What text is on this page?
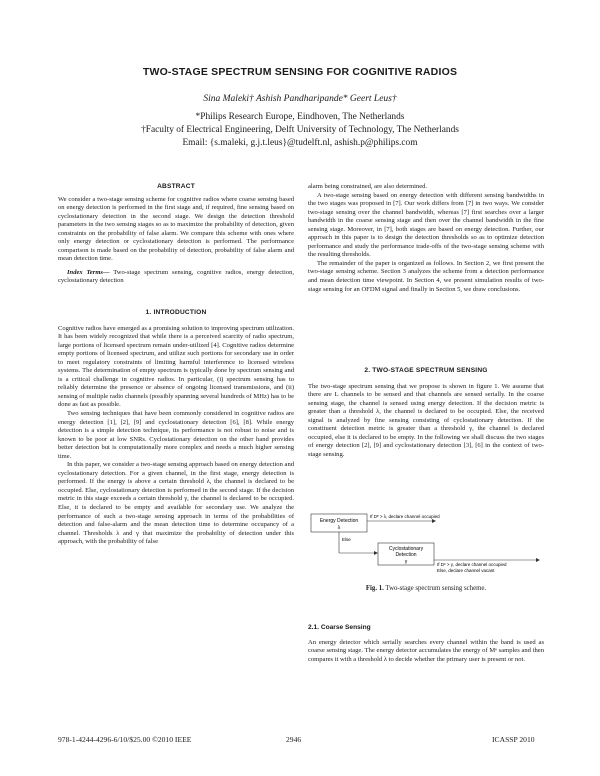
TWO-STAGE SPECTRUM SENSING FOR COGNITIVE RADIOS
Sina Maleki† Ashish Pandharipande* Geert Leus†
*Philips Research Europe, Eindhoven, The Netherlands
†Faculty of Electrical Engineering, Delft University of Technology, The Netherlands
Email: {s.maleki, g.j.t.leus}@tudelft.nl, ashish.p@philips.com
ABSTRACT

We consider a two-stage sensing scheme for cognitive radios where coarse sensing based on energy detection is performed in the first stage and, if required, fine sensing based on cyclostationary detection in the second stage. We design the detection threshold parameters in the two sensing stages so as to maximize the probability of detection, given constraints on the probability of false alarm. We compare this scheme with ones where only energy detection or cyclostationary detection is performed. The performance comparison is made based on the probability of detection, probability of false alarm and mean detection time.

Index Terms— Two-stage spectrum sensing, cognitive radios, energy detection, cyclostationary detection

1. INTRODUCTION

Cognitive radios have emerged as a promising solution to improving spectrum utilization. It has been widely recognized that while there is a perceived scarcity of radio spectrum, large portions of licensed spectrum remain under-utilized [4]. Cognitive radios determine empty portions of licensed spectrum, and utilize such portions for secondary use in order to meet regulatory constraints of limiting harmful interference to licensed wireless systems. The determination of empty spectrum is typically done by spectrum sensing and is a critical challenge in cognitive radios. In particular, (i) spectrum sensing has to reliably determine the presence or absence of ongoing licensed transmissions, and (ii) sensing of multiple radio channels (possibly spanning several hundreds of MHz) has to be done as fast as possible.

Two sensing techniques that have been commonly considered in cognitive radios are energy detection [1], [2], [9] and cyclostationary detection [6], [8]. While energy detection is a simple detection technique, its performance is not robust to noise and is known to be poor at low SNRs. Cyclostationary detection on the other hand provides better detection but is computationally more complex and needs a much higher sensing time.

In this paper, we consider a two-stage sensing approach based on energy detection and cyclostationary detection. For a given channel, in the first stage, energy detection is performed. If the energy is above a certain threshold λ, the channel is declared to be occupied. Else, cyclostationary detection is performed in the second stage. If the decision metric in this stage exceeds a certain threshold γ, the channel is declared to be occupied. Else, it is declared to be empty and available for secondary use. We analyze the performance of such a two-stage sensing approach in terms of the probabilities of detection and false-alarm and the mean detection time to determine occupancy of a channel. Thresholds λ and γ that maximize the probability of detection under this approach, with the probability of false

alarm being constrained, are also determined.

A two-stage sensing based on energy detection with different sensing bandwidths in the two stages was proposed in [7]. Our work differs from [7] in two ways. We consider two-stage sensing over the channel bandwidth, whereas [7] first searches over a larger bandwidth in the coarse sensing stage and then over the channel bandwidth in the fine sensing stage. Moreover, in [7], both stages are based on energy detection. Further, our approach in this paper is to design the detection thresholds so as to optimize detection performance and study the performance trade-offs of the two-stage sensing scheme with the resulting thresholds.

The remainder of the paper is organized as follows. In Section 2, we first present the two-stage sensing scheme. Section 3 analyzes the scheme from a detection performance and mean detection time viewpoint. In Section 4, we present simulation results of two-stage sensing for an OFDM signal and finally in Section 5, we draw conclusions.

2. TWO-STAGE SPECTRUM SENSING

The two-stage spectrum sensing that we propose is shown in figure 1. We assume that there are L channels to be sensed and that channels are sensed serially. In the coarse sensing stage, the channel is sensed using energy detection. If the decision metric is greater than a threshold λ, the channel is declared to be occupied. Else, the received signal is analyzed by fine sensing consisting of cyclostationary detection. If the constituent detection metric is greater than a threshold γ, the channel is declared occupied, else it is declared to be empty. In the following we shall discuss the two stages of energy detection [2], [9] and cyclostationary detection [3], [6] in the context of two-stage sensing.

Energy Detection
λ
If Dᵉ > λ, declare channel occupied
Else
Cyclostationary
Detection
γ	If Dᶜ > γ, declare channel occupied
Else, declare channel vacant
Fig. 1. Two-stage spectrum sensing scheme.
2.1. Coarse Sensing

An energy detector which serially searches every channel within the band is used as coarse sensing stage. The energy detector accumulates the energy of Mᵉ samples and then compares it with a threshold λ to decide whether the primary user is present or not.

978-1-4244-4296-6/10/$25.00 ©2010 IEEE	2946	ICASSP 2010
